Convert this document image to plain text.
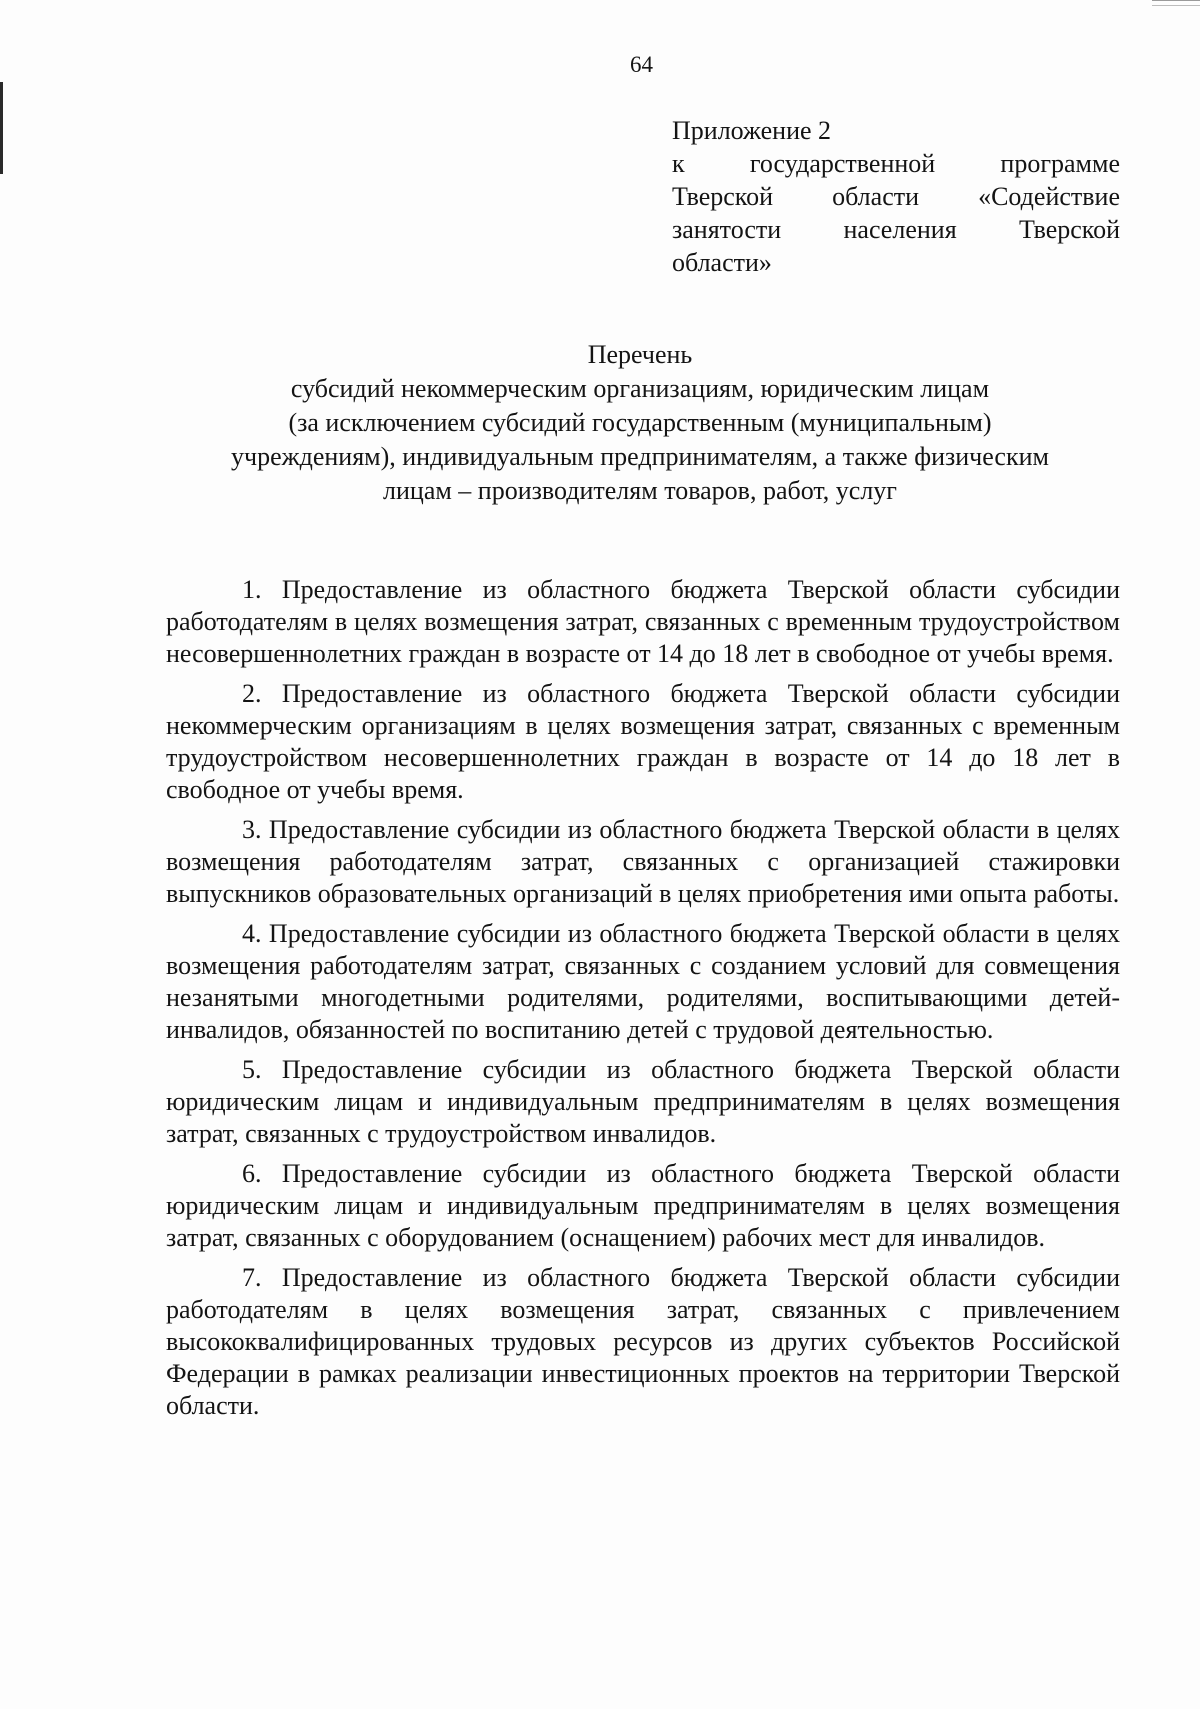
64
Приложение 2
к государственной программе
Тверской области «Содействие
занятости населения Тверской
области»
Перечень
субсидий некоммерческим организациям, юридическим лицам
(за исключением субсидий государственным (муниципальным)
учреждениям), индивидуальным предпринимателям, а также физическим
лицам – производителям товаров, работ, услуг

1. Предоставление из областного бюджета Тверской области субсидии работодателям в целях возмещения затрат, связанных с временным трудоустройством несовершеннолетних граждан в возрасте от 14 до 18 лет в свободное от учебы время.

2. Предоставление из областного бюджета Тверской области субсидии некоммерческим организациям в целях возмещения затрат, связанных с временным трудоустройством несовершеннолетних граждан в возрасте от 14 до 18 лет в свободное от учебы время.

3. Предоставление субсидии из областного бюджета Тверской области в целях возмещения работодателям затрат, связанных с организацией стажировки выпускников образовательных организаций в целях приобретения ими опыта работы.

4. Предоставление субсидии из областного бюджета Тверской области в целях возмещения работодателям затрат, связанных с созданием условий для совмещения незанятыми многодетными родителями, родителями, воспитывающими детей-инвалидов, обязанностей по воспитанию детей с трудовой деятельностью.

5. Предоставление субсидии из областного бюджета Тверской области юридическим лицам и индивидуальным предпринимателям в целях возмещения затрат, связанных с трудоустройством инвалидов.

6. Предоставление субсидии из областного бюджета Тверской области юридическим лицам и индивидуальным предпринимателям в целях возмещения затрат, связанных с оборудованием (оснащением) рабочих мест для инвалидов.

7. Предоставление из областного бюджета Тверской области субсидии работодателям в целях возмещения затрат, связанных с привлечением высококвалифицированных трудовых ресурсов из других субъектов Российской Федерации в рамках реализации инвестиционных проектов на территории Тверской области.
